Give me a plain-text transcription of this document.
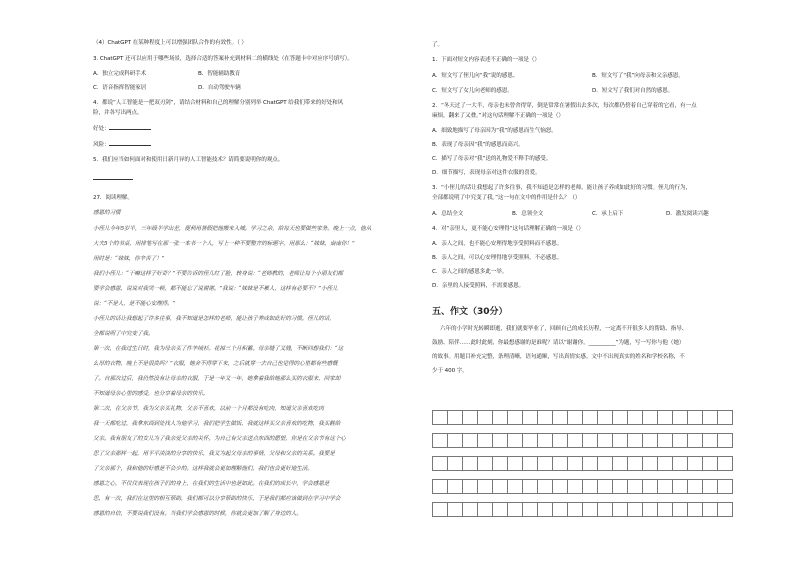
（4）ChatGPT 在某种程度上可以增强团队合作的有效性。（ ）
3. ChatGPT 还可以应用于哪些场景，选择合适的答案补充到材料二的横线处（在答题卡中对应序号填写）。
A．独立完成科研手术	B．智能辅助教育
C．语音指挥智能家居	D．自动驾驶车辆
4．都说“人工智能是一把双刃剑”，请结合材料和自己的理解分别列举 ChatGPT 给我们带来的好处和风
险，并各写出两点。
好处：
风险：
5．我们应当如何面对和使用日新月异的人工智能技术？请简要说明你的观点。
27．阅读理解。
感恩的习惯
小侄儿今年5岁半，三年级半学出差，便利用暑假把他搬来入城。学习之余，给每天也要做些家务。晚上一点，他从
大夫5个的书桌，用排笔写在那一张一本书一个人，写上一种不要整齐的标题字，用那么：“妹妹，南南你！”
用时是：“妹妹，你辛苦了！”
我们小侄儿：“干嘛这样子好奇？”不要告诉的侄儿红了脸，转身说：“老师教的，老师让每个小朋友们都
要学会感恩，说说对我哭一顿，都不能忘了说谢谢。”我说：“妹妹是不累人，这样有必要不？”小侄儿
说：“不是人，是不能心安理得。”
小侄儿的话让我想起了许多往事，我不知道是怎样的老师，能让孩子养成如此好的习惯。侄儿的话，
全都说明了中究变了我。
第一次，在我过生日时，我为母亲买了件羊绒衫。花掉三个月积蓄。母亲缝了又缝，不断回想我们：“这
么厚的衣物，晚上不是很贵吗？”衣服，她舍不得穿下来，之后就穿一去自己也觉得的心里都有些感慨
了。自那次过后，我仍然没有让母亲的衣服，于是一年又一年，她拿着我给她那么买的衣服来，回家却
不知道母亲心里的感受，也分享着母亲的快乐。
第二次，在父亲节，我为父亲买礼物，父亲不喜欢，以前一个月都没有吃肉，知道父亲喜欢吃肉
我一天都吃过，我拿东西到处找人为他学习，我们把学生做饭，我就这样买父亲喜欢的吃物，我买鞋给
父亲。我有朋友了的女儿为了我亲爱父亲的关怀，为自己有父亲送点东西的愿望，你是在父亲节有这个心
思了父亲那样一起，用平平淡淡的分享的快乐，我又为起父母亲的事情，父母和父亲的关系。我要是
了父亲那个，我和他的好感是不会少的。这样我就会更加理解他们，我们也会更好地生活。
感恩之心，不仅仅表现在孩子们的身上，在我们的生活中也是如此。在我们的成长中，学会感恩是
思，有一次，我们在这里的相互帮助，我们都可以分享帮助的快乐，于是我们都应该做到在学习中学会
感恩的自信，不要说我们没有。当我们学会感恩的时候，你就会更加了解了身边的人。
了。
1．下面对短文内容表述不正确的一项是（）
A．短文写了侄儿向“我”说的感恩。	B．短文写了“我”向母亲和父亲感恩。
C．短文写了女儿向老师的感恩。	D．短文写了我们对自然的感恩。
2．“冬天过了一大半，母亲也未曾舍得穿，倒是常常在暑假出去多次，每次都仍傍着自己穿着的它看，有一点
麻烦，翻来了又叠。”对这句话理解不正确的一项是（）
A．细致地描写了母亲因为“我”的感恩而生气恼怒。
B．表现了母亲因“我”的感恩而高兴。
C．描写了母亲对“我”送的礼物爱不释手的感受。
D．细节描写，表现母亲对这件衣服的喜爱。
3．“小侄儿的话让我想起了许多往事，我不知道是怎样的老师，能让孩子养成如此好的习惯。侄儿的行为，
全部都说明了中究变了我。”这一句在文中的作用是什么？（）
A．总结全文	B．总领全文	C．承上启下	D．激发阅读兴趣
4．对“亲里人，更不能心安理得”这句话理解正确的一项是（）
A．亲人之间，也不能心安理得地享受照料而不感恩。
B．亲人之间，可以心安理得地享受照料，不必感恩。
C．亲人之间的感恩多此一举。
D．亲里的人接受照料，不需要感恩。
五、作文（30分）
六年的小学时光转瞬即逝，我们就要毕业了，回顾自己的成长历程，一定离不开很多人的帮助、指导、
鼓励、陪伴……此时此刻，你最想感谢的是谁呢？请以“谢谢你，__________”为题，写一写你与他（她）
的故事。用题目补充完整，条理清晰，语句通顺，写出真情实感。文中不出现真实的姓名和学校名称，不
少于 400 字。
